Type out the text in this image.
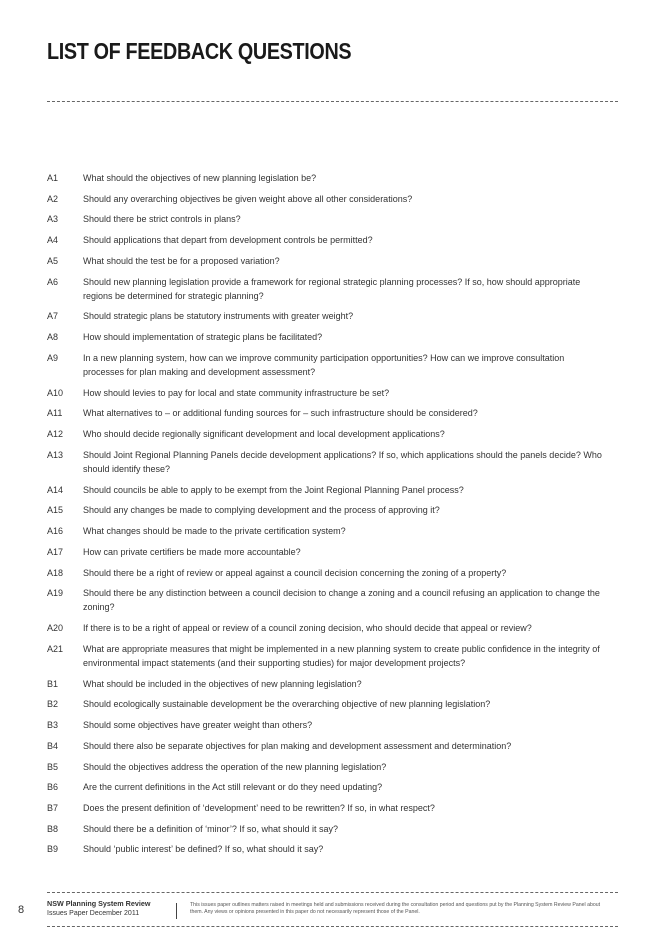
LIST OF FEEDBACK QUESTIONS
A1	What should the objectives of new planning legislation be?
A2	Should any overarching objectives be given weight above all other considerations?
A3	Should there be strict controls in plans?
A4	Should applications that depart from development controls be permitted?
A5	What should the test be for a proposed variation?
A6	Should new planning legislation provide a framework for regional strategic planning processes? If so, how should appropriate regions be determined for strategic planning?
A7	Should strategic plans be statutory instruments with greater weight?
A8	How should implementation of strategic plans be facilitated?
A9	In a new planning system, how can we improve community participation opportunities? How can we improve consultation processes for plan making and development assessment?
A10	How should levies to pay for local and state community infrastructure be set?
A11	What alternatives to – or additional funding sources for – such infrastructure should be considered?
A12	Who should decide regionally significant development and local development applications?
A13	Should Joint Regional Planning Panels decide development applications? If so, which applications should the panels decide? Who should identify these?
A14	Should councils be able to apply to be exempt from the Joint Regional Planning Panel process?
A15	Should any changes be made to complying development and the process of approving it?
A16	What changes should be made to the private certification system?
A17	How can private certifiers be made more accountable?
A18	Should there be a right of review or appeal against a council decision concerning the zoning of a property?
A19	Should there be any distinction between a council decision to change a zoning and a council refusing an application to change the zoning?
A20	If there is to be a right of appeal or review of a council zoning decision, who should decide that appeal or review?
A21	What are appropriate measures that might be implemented in a new planning system to create public confidence in the integrity of environmental impact statements (and their supporting studies) for major development projects?
B1	What should be included in the objectives of new planning legislation?
B2	Should ecologically sustainable development be the overarching objective of new planning legislation?
B3	Should some objectives have greater weight than others?
B4	Should there also be separate objectives for plan making and development assessment and determination?
B5	Should the objectives address the operation of the new planning legislation?
B6	Are the current definitions in the Act still relevant or do they need updating?
B7	Does the present definition of ‘development’ need to be rewritten? If so, in what respect?
B8	Should there be a definition of ‘minor’? If so, what should it say?
B9	Should ‘public interest’ be defined? If so, what should it say?
8
NSW Planning System Review
Issues Paper December 2011
This issues paper outlines matters raised in meetings held and submissions received during the consultation period and questions put by the Planning System Review Panel about them. Any views or opinions presented in this paper do not necessarily represent those of the Panel.
